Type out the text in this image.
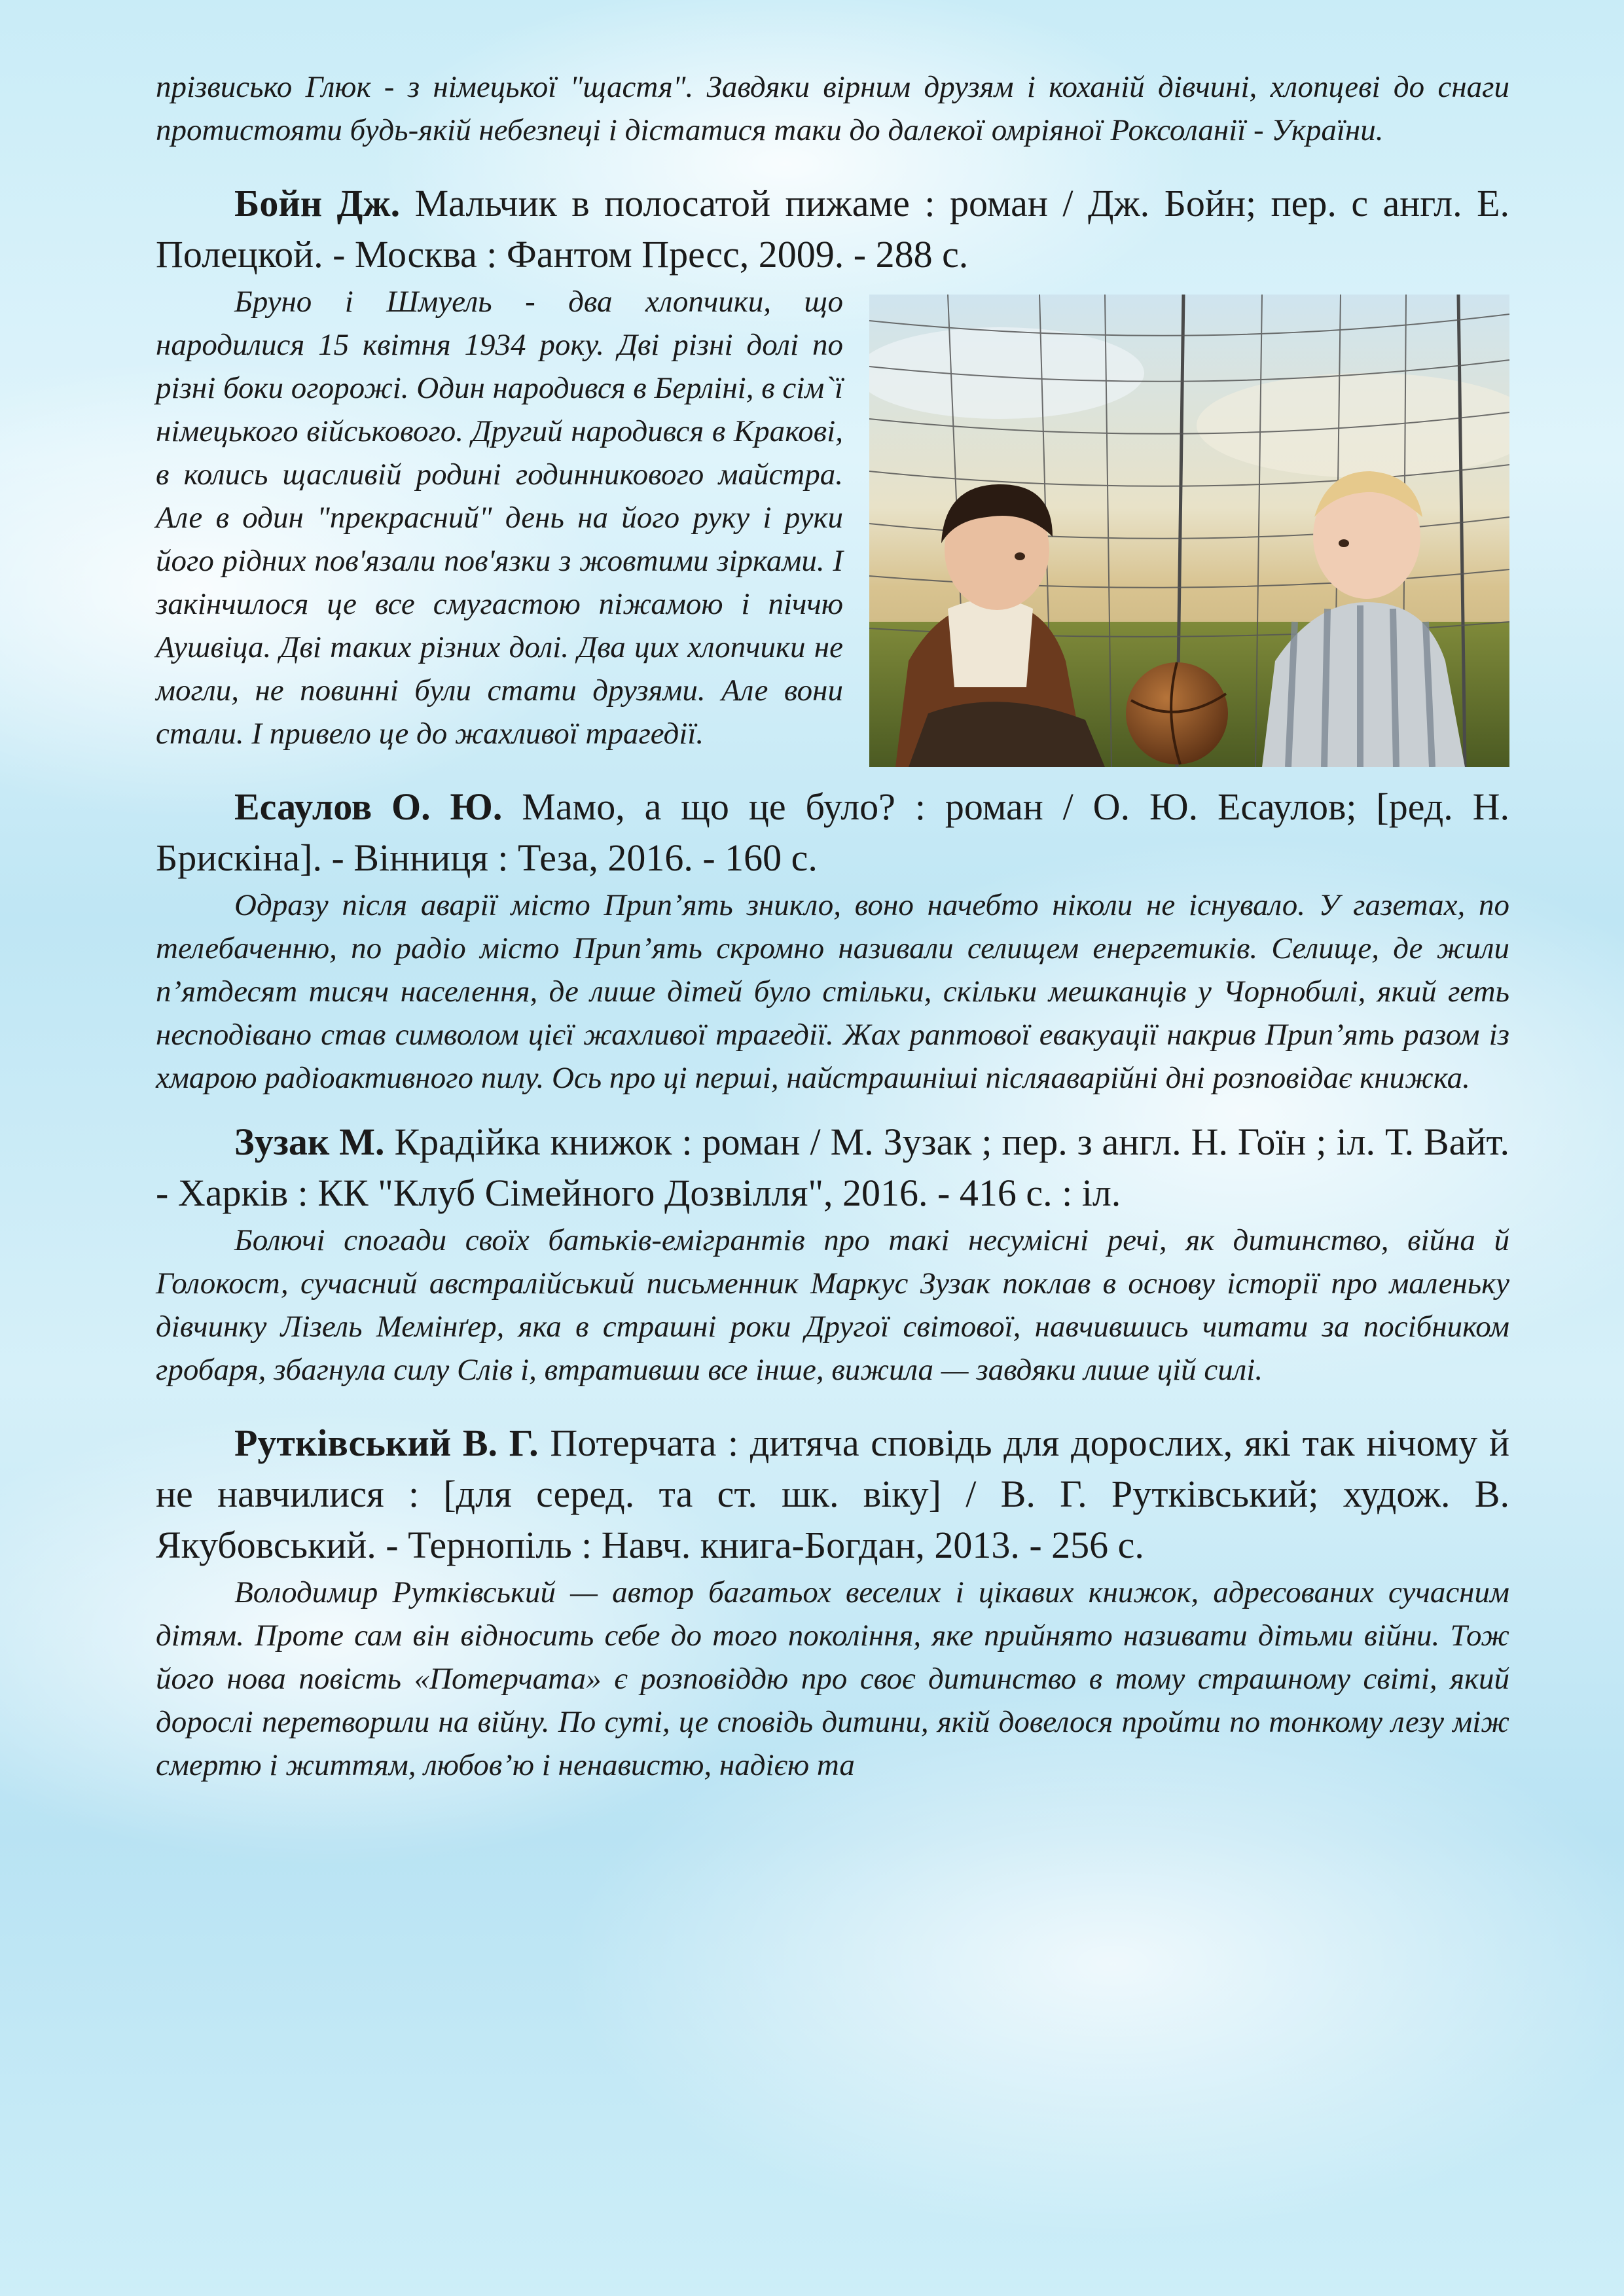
прізвисько Глюк - з німецької "щастя". Завдяки вірним друзям і коханій дівчині, хлопцеві до снаги протистояти будь-якій небезпеці і дістатися таки до далекої омріяної Роксоланії - України.

Бойн Дж. Мальчик в полосатой пижаме : роман / Дж. Бойн; пер. с англ. Е. Полецкой. - Москва : Фантом Пресс, 2009. - 288 с.

Бруно і Шмуель - два хлопчики, що народилися 15 квітня 1934 року. Дві різні долі по різні боки огорожі. Один народився в Берліні, в сім`ї німецького військового. Другий народився в Кракові, в колись щасливій родині годинникового майстра. Але в один "прекрасний" день на його руку і руки його рідних пов'язали пов'язки з жовтими зірками. І закінчилося це все смугастою піжамою і піччю Аушвіца. Дві таких різних долі. Два цих хлопчики не могли, не повинні були стати друзями. Але вони стали. І привело це до жахливої трагедії.

Есаулов О. Ю. Мамо, а що це було? : роман / О. Ю. Есаулов; [ред. Н. Брискіна]. - Вінниця : Теза, 2016. - 160 с.

Одразу після аварії місто Прип’ять зникло, воно начебто ніколи не існувало. У газетах, по телебаченню, по радіо місто Прип’ять скромно називали селищем енергетиків. Селище, де жили п’ятдесят тисяч населення, де лише дітей було стільки, скільки мешканців у Чорнобилі, який геть несподівано став символом цієї жахливої трагедії. Жах раптової евакуації накрив Прип’ять разом із хмарою радіоактивного пилу. Ось про ці перші, найстрашніші післяаварійні дні розповідає книжка.

Зузак М. Крадійка книжок : роман / М. Зузак ; пер. з англ. Н. Гоїн ; іл. Т. Вайт. - Харків : КК "Клуб Сімейного Дозвілля", 2016. - 416 с. : іл.

Болючі спогади своїх батьків-емігрантів про такі несумісні речі, як дитинство, війна й Голокост, сучасний австралійський письменник Маркус Зузак поклав в основу історії про маленьку дівчинку Лізель Мемінґер, яка в страшні роки Другої світової, навчившись читати за посібником гробаря, збагнула силу Слів і, втративши все інше, вижила — завдяки лише цій силі.

Рутківський В. Г. Потерчата : дитяча сповідь для дорослих, які так нічому й не навчилися : [для серед. та ст. шк. віку] / В. Г. Рутківський; худож. В. Якубовський. - Тернопіль : Навч. книга-Богдан, 2013. - 256 с.

Володимир Рутківський — автор багатьох веселих і цікавих книжок, адресованих сучасним дітям. Проте сам він відносить себе до того покоління, яке прийнято називати дітьми війни. Тож його нова повість «Потерчата» є розповіддю про своє дитинство в тому страшному світі, який дорослі перетворили на війну. По суті, це сповідь дитини, якій довелося пройти по тонкому лезу між смертю і життям, любов’ю і ненавистю, надією та
